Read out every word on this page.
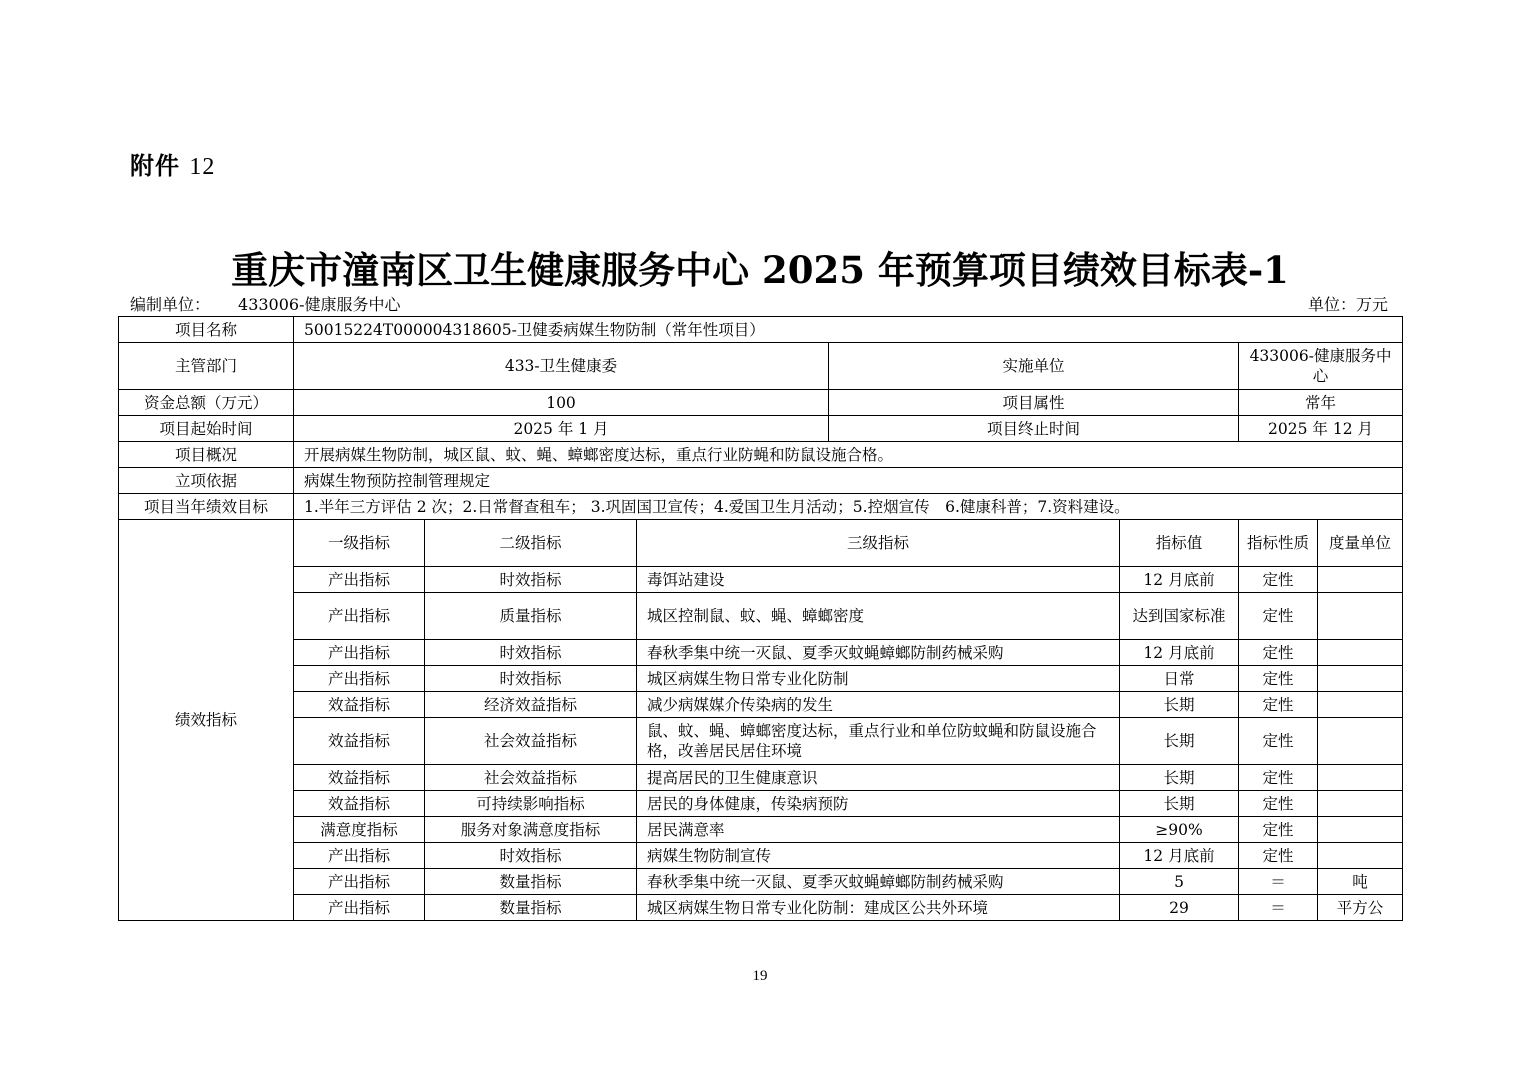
附件 12
重庆市潼南区卫生健康服务中心 2025 年预算项目绩效目标表-1
编制单位： 433006-健康服务中心	单位：万元
项目名称	50015224T000004318605-卫健委病媒生物防制（常年性项目）						
主管部门	433-卫生健康委			实施单位		433006-健康服务中心	
资金总额（万元）	100			项目属性		常年	
项目起始时间	2025 年 1 月			项目终止时间		2025 年 12 月	
项目概况	开展病媒生物防制，城区鼠、蚊、蝇、蟑螂密度达标，重点行业防蝇和防鼠设施合格。						
立项依据	病媒生物预防控制管理规定						
项目当年绩效目标	1.半年三方评估 2 次；2.日常督查租车； 3.巩固国卫宣传；4.爱国卫生月活动；5.控烟宣传　6.健康科普；7.资料建设。						
绩效指标	一级指标	二级指标	三级指标		指标值	指标性质	度量单位
	产出指标	时效指标	毒饵站建设		12 月底前	定性	
	产出指标	质量指标	城区控制鼠、蚊、蝇、蟑螂密度		达到国家标准	定性	
	产出指标	时效指标	春秋季集中统一灭鼠、夏季灭蚊蝇蟑螂防制药械采购		12 月底前	定性	
	产出指标	时效指标	城区病媒生物日常专业化防制		日常	定性	
	效益指标	经济效益指标	减少病媒媒介传染病的发生		长期	定性	
	效益指标	社会效益指标	鼠、蚊、蝇、蟑螂密度达标，重点行业和单位防蚊蝇和防鼠设施合格，改善居民居住环境		长期	定性	
	效益指标	社会效益指标	提高居民的卫生健康意识		长期	定性	
	效益指标	可持续影响指标	居民的身体健康，传染病预防		长期	定性	
	满意度指标	服务对象满意度指标	居民满意率		≥90%	定性	
	产出指标	时效指标	病媒生物防制宣传		12 月底前	定性	
	产出指标	数量指标	春秋季集中统一灭鼠、夏季灭蚊蝇蟑螂防制药械采购		5	＝	吨
	产出指标	数量指标	城区病媒生物日常专业化防制：建成区公共外环境		29	＝	平方公
19
